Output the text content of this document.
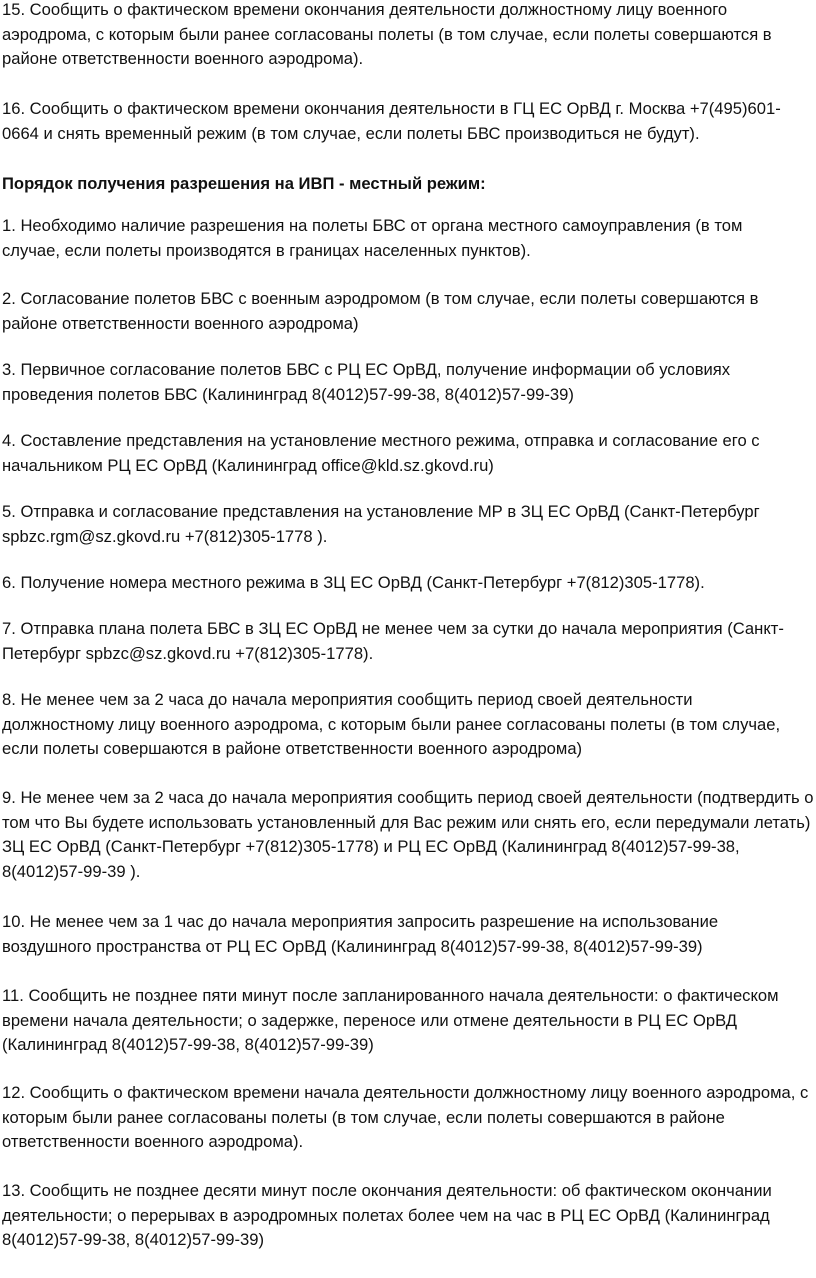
15. Сообщить о фактическом времени окончания деятельности должностному лицу военного аэродрома, с которым были ранее согласованы полеты (в том случае, если полеты совершаются в районе ответственности военного аэродрома).

16. Сообщить о фактическом времени окончания деятельности в ГЦ ЕС ОрВД г. Москва +7(495)601-0664 и снять временный режим (в том случае, если полеты БВС производиться не будут).

Порядок получения разрешения на ИВП - местный режим:

1. Необходимо наличие разрешения на полеты БВС от органа местного самоуправления (в том случае, если полеты производятся в границах населенных пунктов).

2. Согласование полетов БВС с военным аэродромом (в том случае, если полеты совершаются в районе ответственности военного аэродрома)

3. Первичное согласование полетов БВС с РЦ ЕС ОрВД, получение информации об условиях проведения полетов БВС (Калининград 8(4012)57-99-38, 8(4012)57-99-39)

4. Составление представления на установление местного режима, отправка и согласование его с начальником РЦ ЕС ОрВД (Калининград office@kld.sz.gkovd.ru)

5. Отправка и согласование представления на установление МР в ЗЦ ЕС ОрВД (Санкт-Петербург spbzc.rgm@sz.gkovd.ru +7(812)305-1778 ).

6. Получение номера местного режима в ЗЦ ЕС ОрВД (Санкт-Петербург +7(812)305-1778).

7. Отправка плана полета БВС в ЗЦ ЕС ОрВД не менее чем за сутки до начала мероприятия (Санкт-Петербург spbzc@sz.gkovd.ru +7(812)305-1778).

8. Не менее чем за 2 часа до начала мероприятия сообщить период своей деятельности должностному лицу военного аэродрома, с которым были ранее согласованы полеты (в том случае, если полеты совершаются в районе ответственности военного аэродрома)

9. Не менее чем за 2 часа до начала мероприятия сообщить период своей деятельности (подтвердить о том что Вы будете использовать установленный для Вас режим или снять его, если передумали летать) ЗЦ ЕС ОрВД (Санкт-Петербург +7(812)305-1778) и РЦ ЕС ОрВД (Калининград 8(4012)57-99-38, 8(4012)57-99-39 ).

10. Не менее чем за 1 час до начала мероприятия запросить разрешение на использование воздушного пространства от РЦ ЕС ОрВД (Калининград 8(4012)57-99-38, 8(4012)57-99-39)

11. Сообщить не позднее пяти минут после запланированного начала деятельности: о фактическом времени начала деятельности; о задержке, переносе или отмене деятельности в РЦ ЕС ОрВД (Калининград 8(4012)57-99-38, 8(4012)57-99-39)

12. Сообщить о фактическом времени начала деятельности должностному лицу военного аэродрома, с которым были ранее согласованы полеты (в том случае, если полеты совершаются в районе ответственности военного аэродрома).

13. Сообщить не позднее десяти минут после окончания деятельности: об фактическом окончании деятельности; о перерывах в аэродромных полетах более чем на час в РЦ ЕС ОрВД (Калининград 8(4012)57-99-38, 8(4012)57-99-39)
